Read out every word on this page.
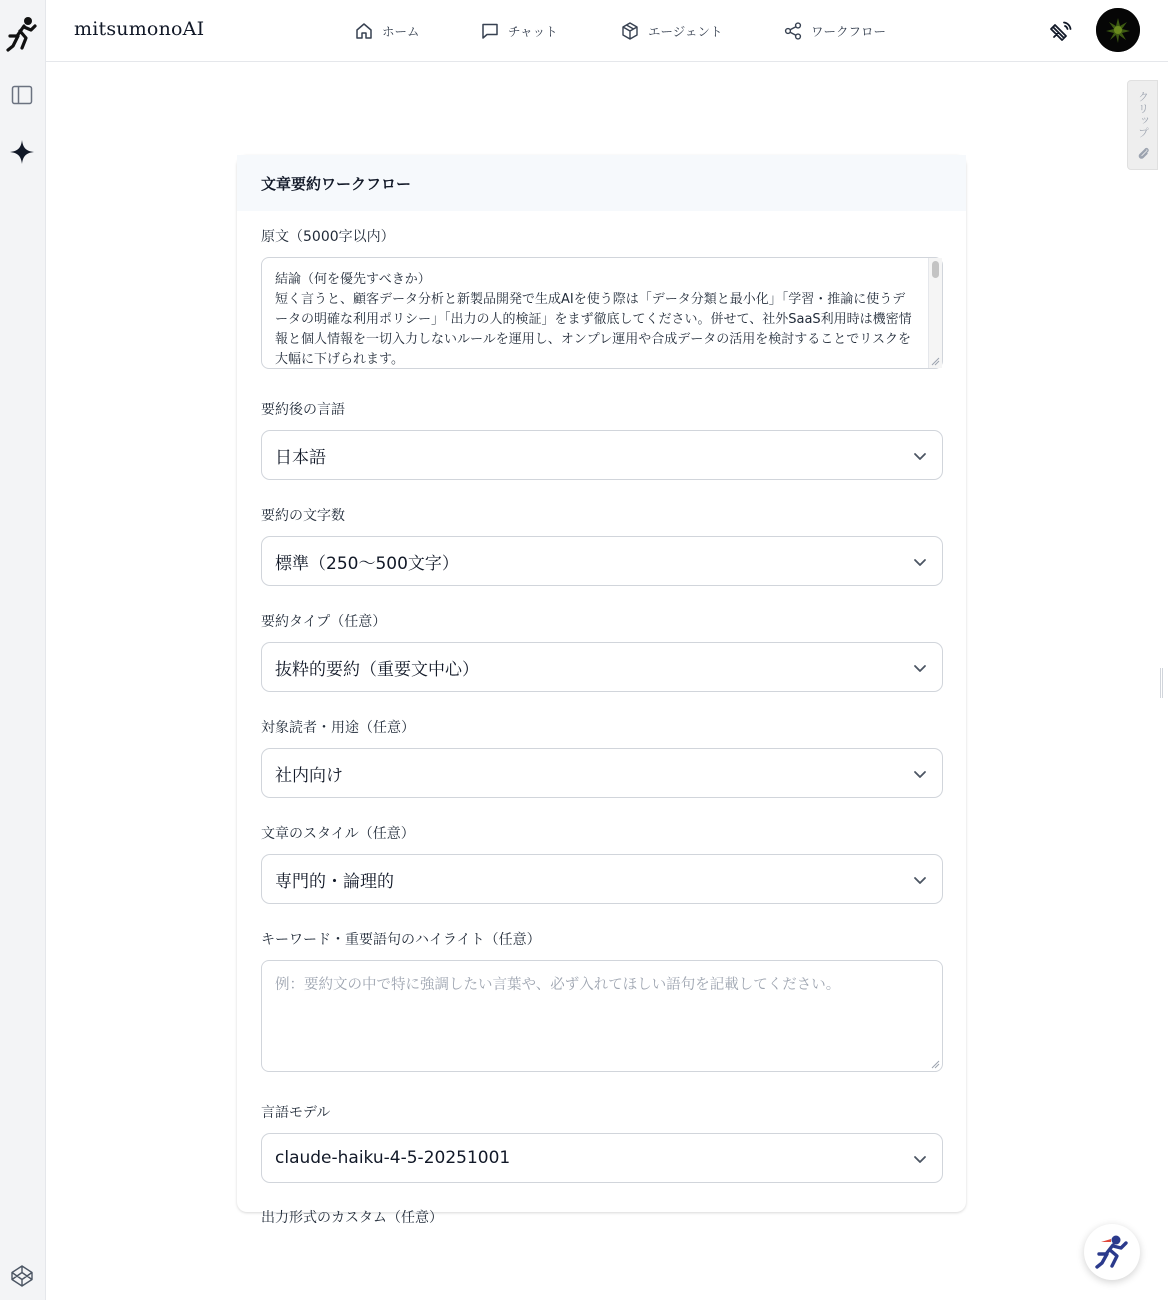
mitsumonoAI	ホーム	チャット	エージェント	ワークフロー
クリップ
文章要約ワークフロー
原文（5000字以内）
結論（何を優先すべきか）
短く言うと、顧客データ分析と新製品開発で生成AIを使う際は「データ分類と最小化」「学習・推論に使うデータの明確な利用ポリシー」「出力の人的検証」をまず徹底してください。併せて、社外SaaS利用時は機密情報と個人情報を一切入力しないルールを運用し、オンプレ運用や合成データの活用を検討することでリスクを大幅に下げられます。
要約後の言語
日本語
要約の文字数
標準（250〜500文字）
要約タイプ（任意）
抜粋的要約（重要文中心）
対象読者・用途（任意）
社内向け
文章のスタイル（任意）
専門的・論理的
キーワード・重要語句のハイライト（任意）
例：要約文の中で特に強調したい言葉や、必ず入れてほしい語句を記載してください。
言語モデル
claude-haiku-4-5-20251001
出力形式のカスタム（任意）
